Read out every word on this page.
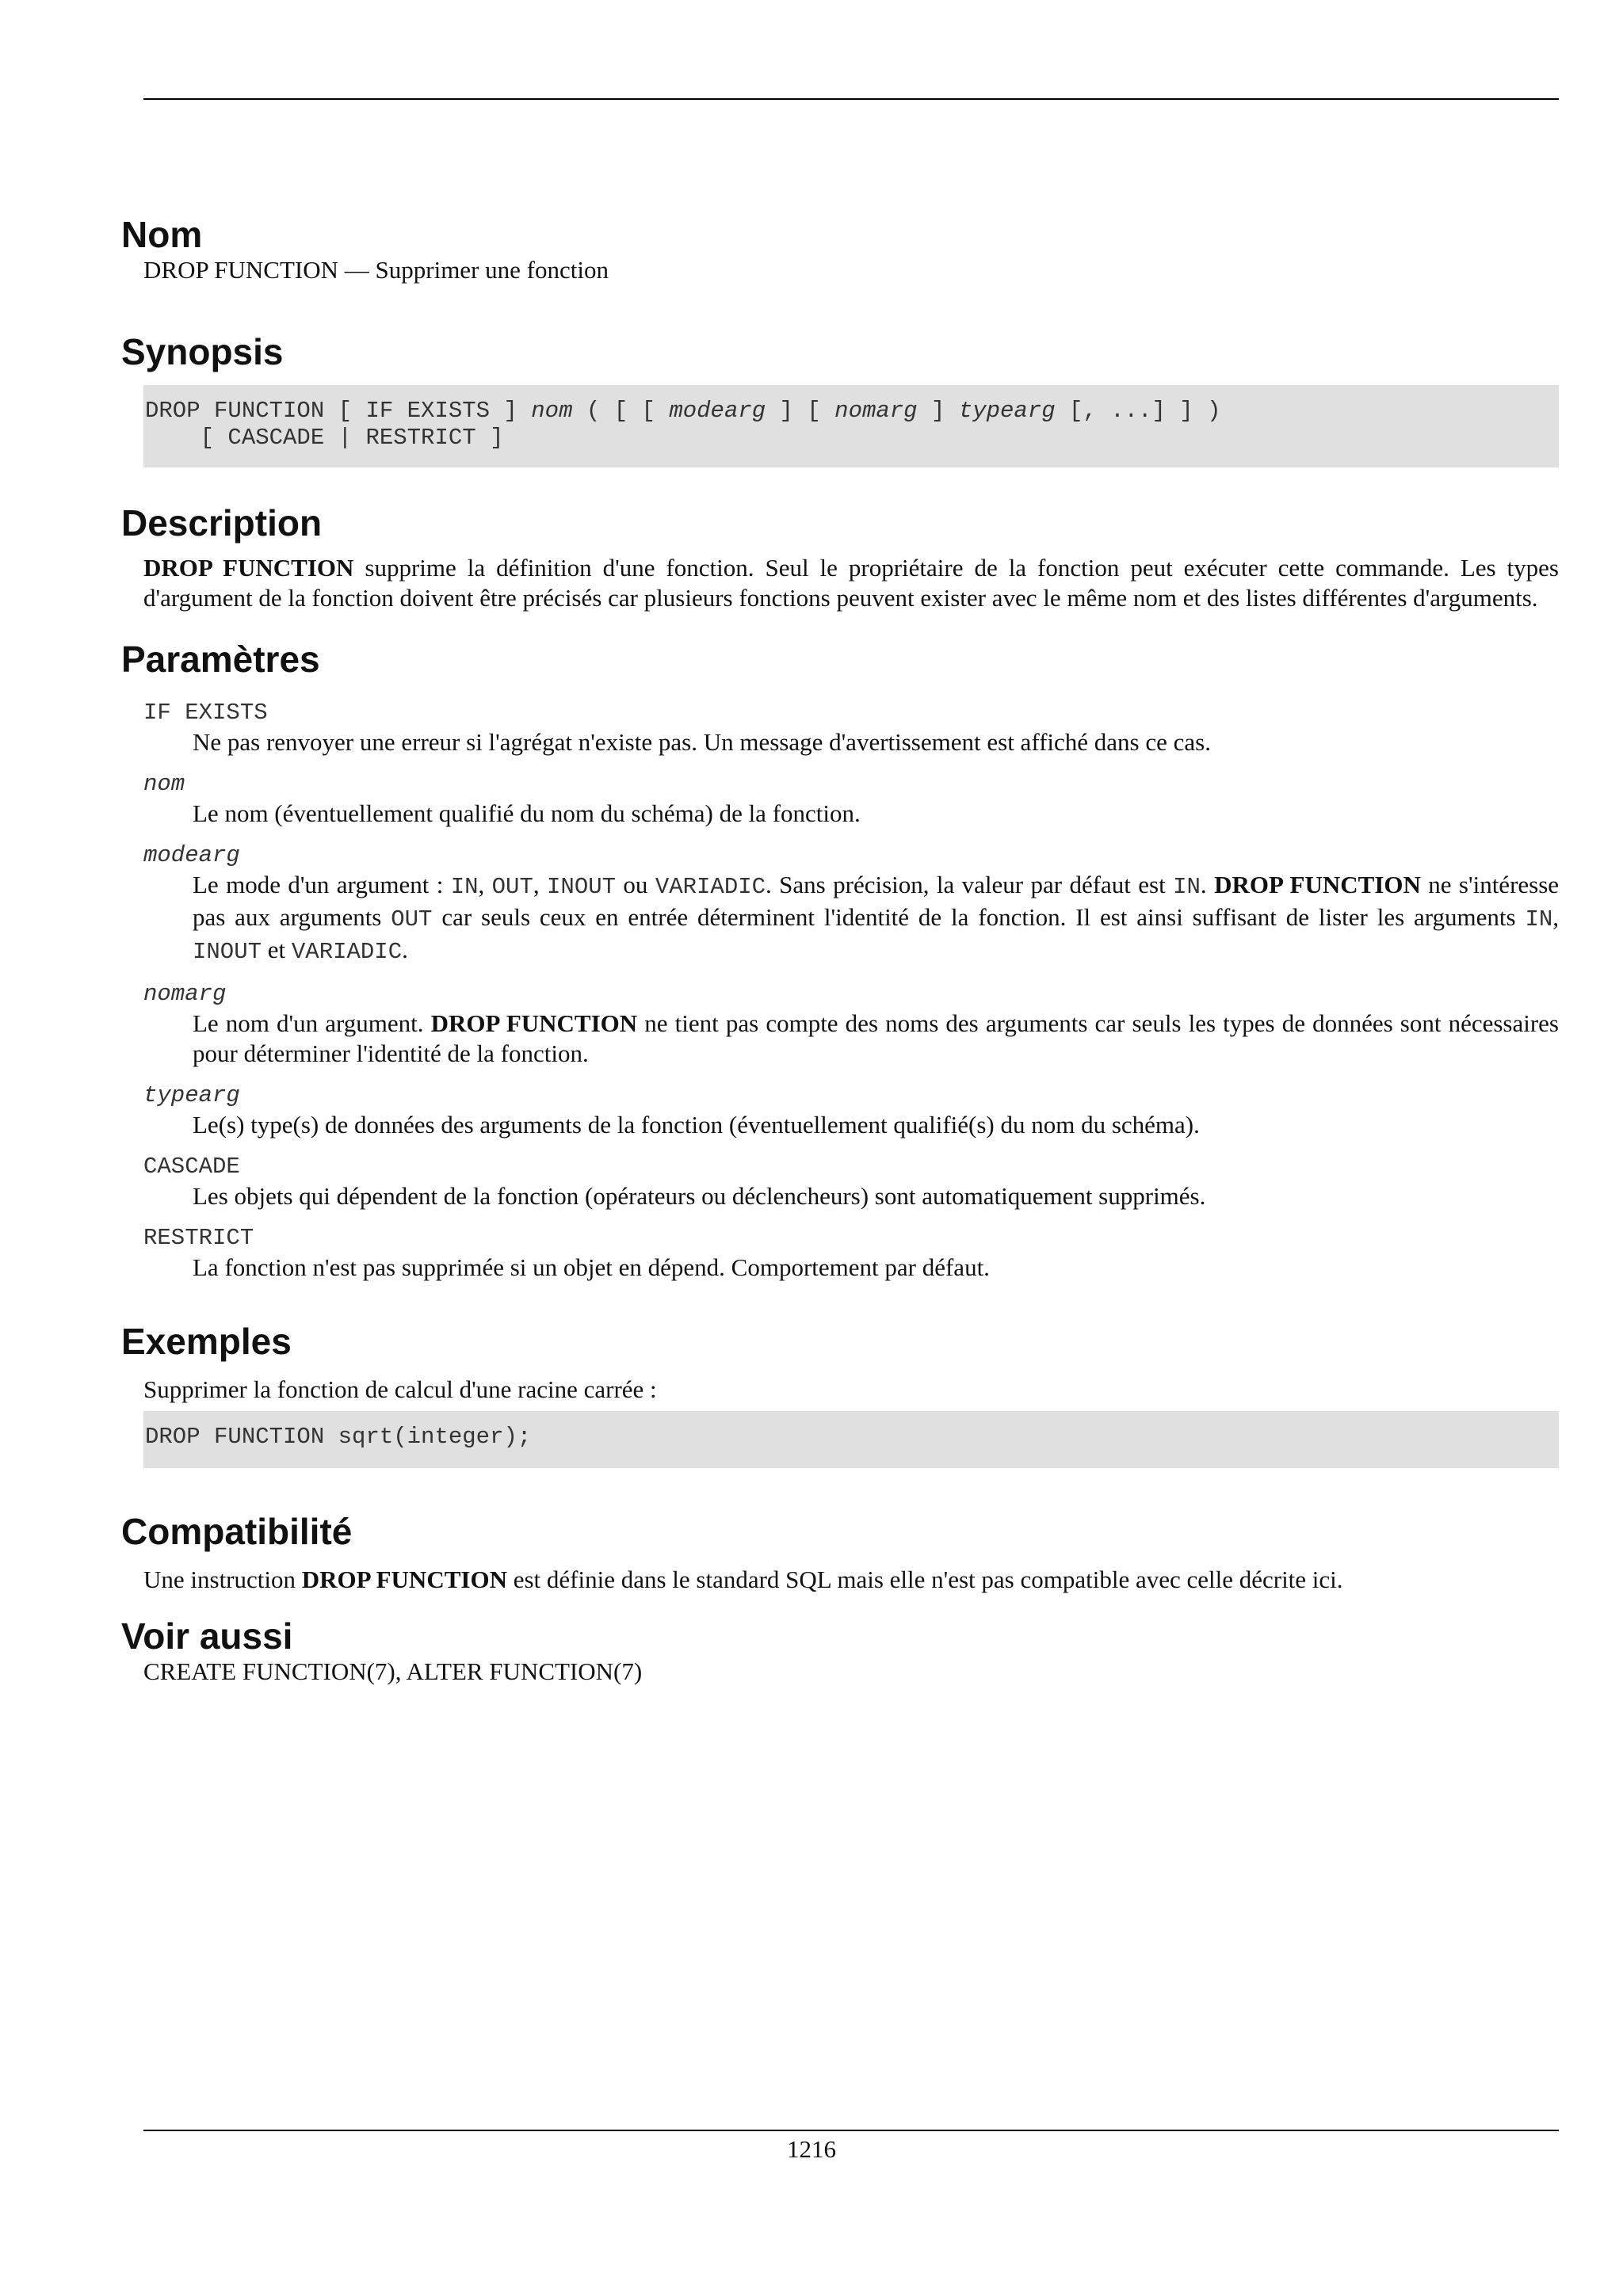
Nom

DROP FUNCTION — Supprimer une fonction

Synopsis
DROP FUNCTION [ IF EXISTS ] nom ( [ [ modearg ] [ nomarg ] typearg [, ...] ] )
[ CASCADE | RESTRICT ]
Description

DROP FUNCTION supprime la définition d'une fonction. Seul le propriétaire de la fonction peut exécuter cette commande. Les types d'argument de la fonction doivent être précisés car plusieurs fonctions peuvent exister avec le même nom et des listes différentes d'arguments.

Paramètres
IF EXISTS
Ne pas renvoyer une erreur si l'agrégat n'existe pas. Un message d'avertissement est affiché dans ce cas.
nom
Le nom (éventuellement qualifié du nom du schéma) de la fonction.
modearg
Le mode d'un argument : IN, OUT, INOUT ou VARIADIC. Sans précision, la valeur par défaut est IN. DROP FUNCTION ne s'intéresse pas aux arguments OUT car seuls ceux en entrée déterminent l'identité de la fonction. Il est ainsi suffisant de lister les arguments IN, INOUT et VARIADIC.
nomarg
Le nom d'un argument. DROP FUNCTION ne tient pas compte des noms des arguments car seuls les types de données sont nécessaires pour déterminer l'identité de la fonction.
typearg
Le(s) type(s) de données des arguments de la fonction (éventuellement qualifié(s) du nom du schéma).
CASCADE
Les objets qui dépendent de la fonction (opérateurs ou déclencheurs) sont automatiquement supprimés.
RESTRICT
La fonction n'est pas supprimée si un objet en dépend. Comportement par défaut.
Exemples

Supprimer la fonction de calcul d'une racine carrée :

DROP FUNCTION sqrt(integer);
Compatibilité

Une instruction DROP FUNCTION est définie dans le standard SQL mais elle n'est pas compatible avec celle décrite ici.

Voir aussi

CREATE FUNCTION(7), ALTER FUNCTION(7)

1216
